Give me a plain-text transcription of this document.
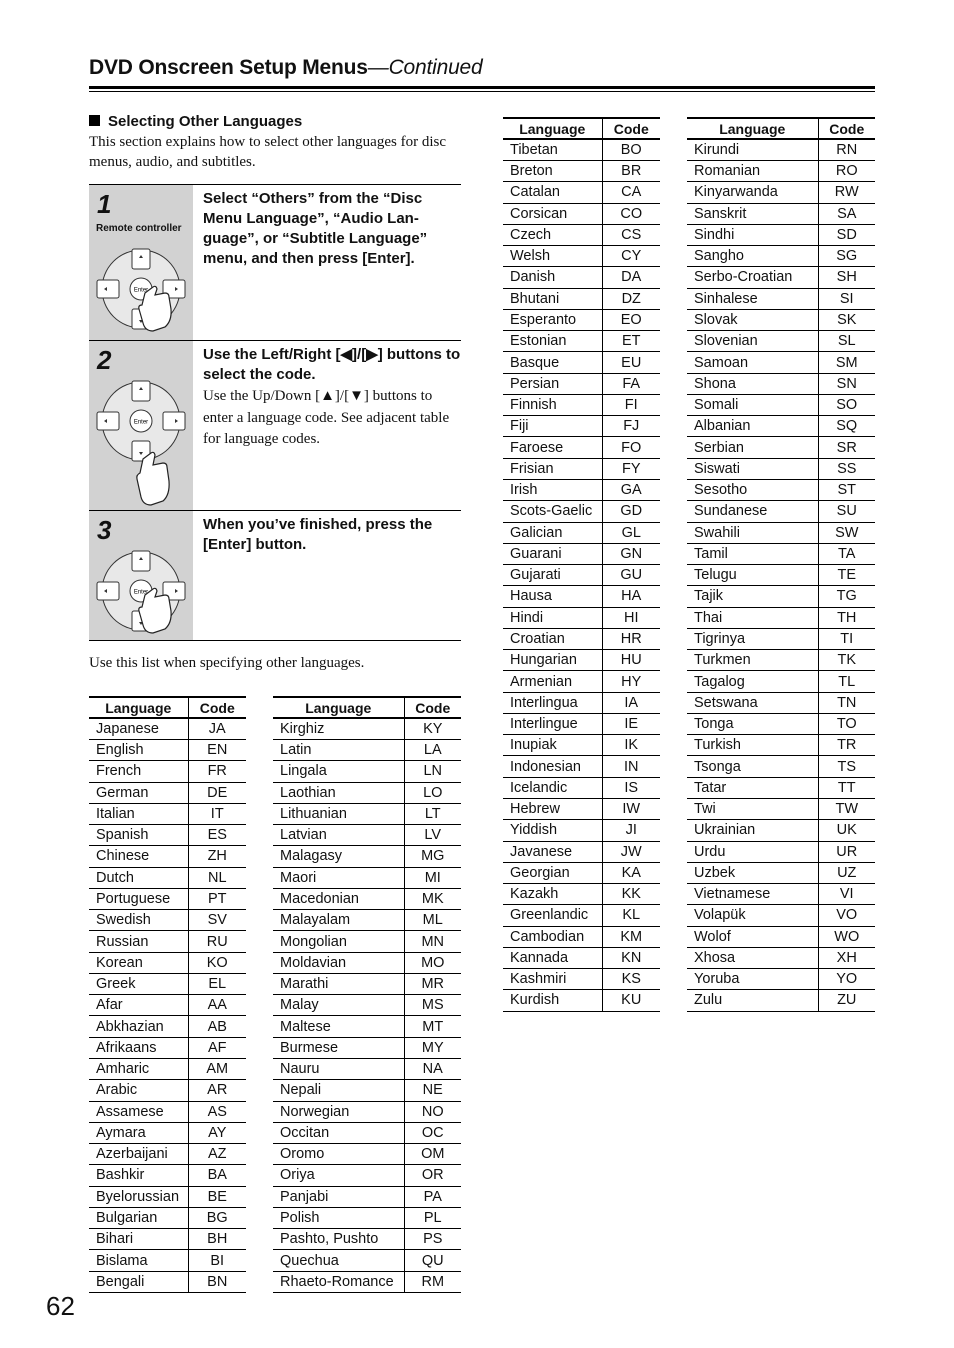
DVD Onscreen Setup Menus—Continued
Selecting Other Languages
This section explains how to select other languages for disc menus, audio, and subtitles.
1
Remote controller
Enter
Select “Others” from the “Disc Menu Language”, “Audio Lan-guage”, or “Subtitle Language” menu, and then press [Enter].
2
Enter
Use the Left/Right [◀]/[▶] buttons to select the code.
Use the Up/Down [▲]/[▼] buttons to enter a language code. See adjacent table for language codes.
3
Enter
When you’ve finished, press the [Enter] button.
Use this list when specifying other languages.
Language	Code
Japanese	JA
English	EN
French	FR
German	DE
Italian	IT
Spanish	ES
Chinese	ZH
Dutch	NL
Portuguese	PT
Swedish	SV
Russian	RU
Korean	KO
Greek	EL
Afar	AA
Abkhazian	AB
Afrikaans	AF
Amharic	AM
Arabic	AR
Assamese	AS
Aymara	AY
Azerbaijani	AZ
Bashkir	BA
Byelorussian	BE
Bulgarian	BG
Bihari	BH
Bislama	BI
Bengali	BN
Language	Code
Kirghiz	KY
Latin	LA
Lingala	LN
Laothian	LO
Lithuanian	LT
Latvian	LV
Malagasy	MG
Maori	MI
Macedonian	MK
Malayalam	ML
Mongolian	MN
Moldavian	MO
Marathi	MR
Malay	MS
Maltese	MT
Burmese	MY
Nauru	NA
Nepali	NE
Norwegian	NO
Occitan	OC
Oromo	OM
Oriya	OR
Panjabi	PA
Polish	PL
Pashto, Pushto	PS
Quechua	QU
Rhaeto-Romance	RM
Language	Code
Tibetan	BO
Breton	BR
Catalan	CA
Corsican	CO
Czech	CS
Welsh	CY
Danish	DA
Bhutani	DZ
Esperanto	EO
Estonian	ET
Basque	EU
Persian	FA
Finnish	FI
Fiji	FJ
Faroese	FO
Frisian	FY
Irish	GA
Scots-Gaelic	GD
Galician	GL
Guarani	GN
Gujarati	GU
Hausa	HA
Hindi	HI
Croatian	HR
Hungarian	HU
Armenian	HY
Interlingua	IA
Interlingue	IE
Inupiak	IK
Indonesian	IN
Icelandic	IS
Hebrew	IW
Yiddish	JI
Javanese	JW
Georgian	KA
Kazakh	KK
Greenlandic	KL
Cambodian	KM
Kannada	KN
Kashmiri	KS
Kurdish	KU
Language	Code
Kirundi	RN
Romanian	RO
Kinyarwanda	RW
Sanskrit	SA
Sindhi	SD
Sangho	SG
Serbo-Croatian	SH
Sinhalese	SI
Slovak	SK
Slovenian	SL
Samoan	SM
Shona	SN
Somali	SO
Albanian	SQ
Serbian	SR
Siswati	SS
Sesotho	ST
Sundanese	SU
Swahili	SW
Tamil	TA
Telugu	TE
Tajik	TG
Thai	TH
Tigrinya	TI
Turkmen	TK
Tagalog	TL
Setswana	TN
Tonga	TO
Turkish	TR
Tsonga	TS
Tatar	TT
Twi	TW
Ukrainian	UK
Urdu	UR
Uzbek	UZ
Vietnamese	VI
Volapük	VO
Wolof	WO
Xhosa	XH
Yoruba	YO
Zulu	ZU
62
